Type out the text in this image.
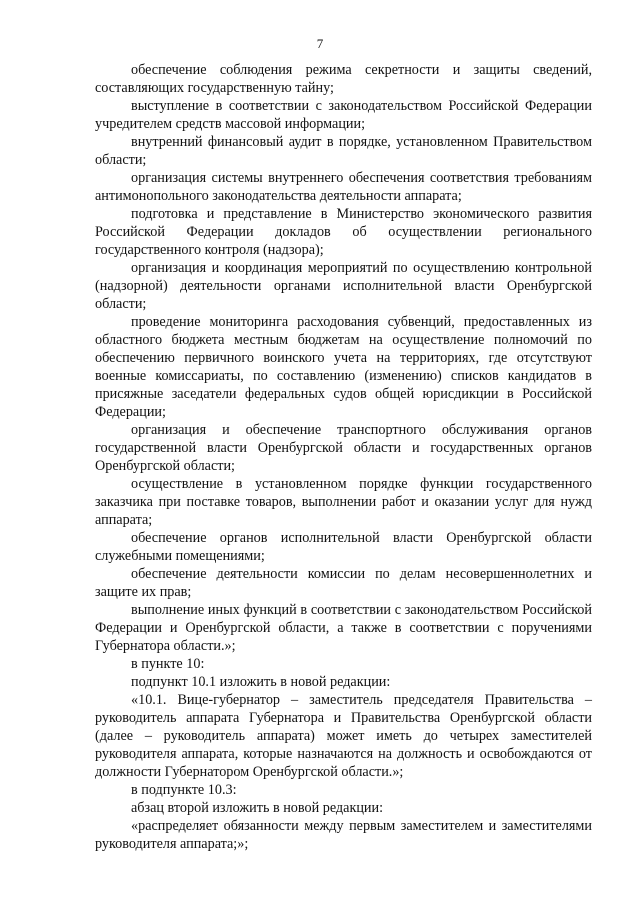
7

обеспечение соблюдения режима секретности и защиты сведений, составляющих государственную тайну;

выступление в соответствии с законодательством Российской Федерации учредителем средств массовой информации;

внутренний финансовый аудит в порядке, установленном Правительством области;

организация системы внутреннего обеспечения соответствия требованиям антимонопольного законодательства деятельности аппарата;

подготовка и представление в Министерство экономического развития Российской Федерации докладов об осуществлении регионального государственного контроля (надзора);

организация и координация мероприятий по осуществлению контрольной (надзорной) деятельности органами исполнительной власти Оренбургской области;

проведение мониторинга расходования субвенций, предоставленных из областного бюджета местным бюджетам на осуществление полномочий по обеспечению первичного воинского учета на территориях, где отсутствуют военные комиссариаты, по составлению (изменению) списков кандидатов в присяжные заседатели федеральных судов общей юрисдикции в Российской Федерации;

организация и обеспечение транспортного обслуживания органов государственной власти Оренбургской области и государственных органов Оренбургской области;

осуществление в установленном порядке функции государственного заказчика при поставке товаров, выполнении работ и оказании услуг для нужд аппарата;

обеспечение органов исполнительной власти Оренбургской области служебными помещениями;

обеспечение деятельности комиссии по делам несовершеннолетних и защите их прав;

выполнение иных функций в соответствии с законодательством Российской Федерации и Оренбургской области, а также в соответствии с поручениями Губернатора области.»;

в пункте 10:

подпункт 10.1 изложить в новой редакции:

«10.1. Вице-губернатор – заместитель председателя Правительства – руководитель аппарата Губернатора и Правительства Оренбургской области (далее – руководитель аппарата) может иметь до четырех заместителей руководителя аппарата, которые назначаются на должность и освобождаются от должности Губернатором Оренбургской области.»;

в подпункте 10.3:

абзац второй изложить в новой редакции:

«распределяет обязанности между первым заместителем и заместителями руководителя аппарата;»;
